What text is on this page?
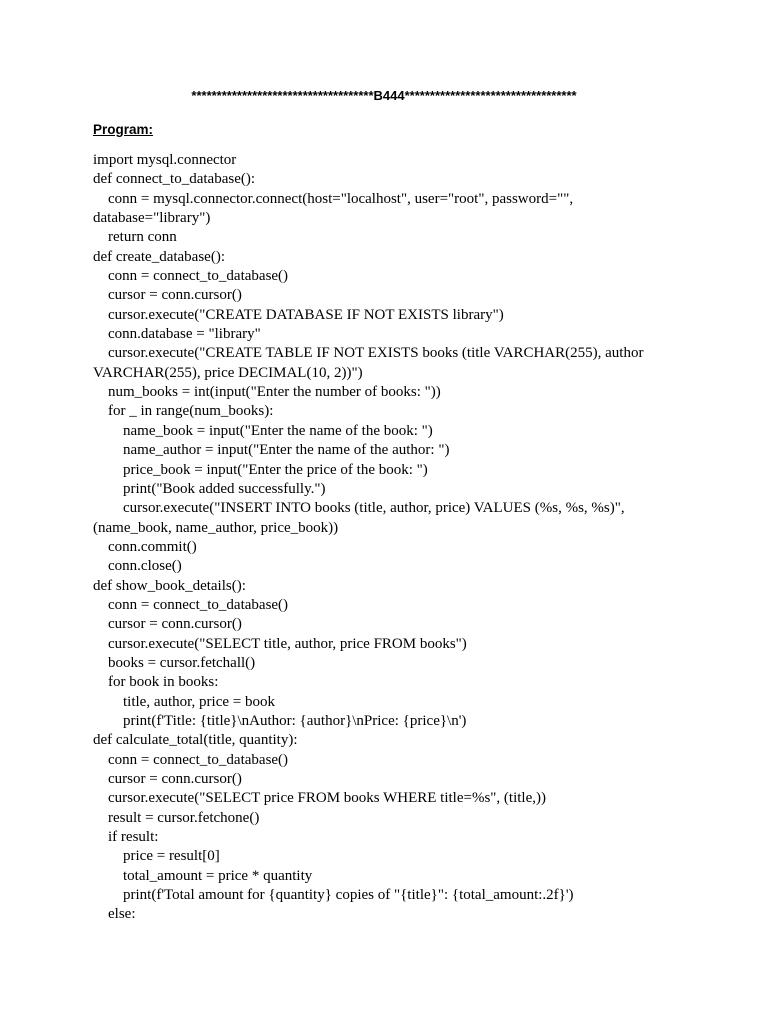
************************************B444**********************************
Program:
import mysql.connector
def connect_to_database():
conn = mysql.connector.connect(host="localhost", user="root", password="",
database="library")
return conn
def create_database():
conn = connect_to_database()
cursor = conn.cursor()
cursor.execute("CREATE DATABASE IF NOT EXISTS library")
conn.database = "library"
cursor.execute("CREATE TABLE IF NOT EXISTS books (title VARCHAR(255), author
VARCHAR(255), price DECIMAL(10, 2))")
num_books = int(input("Enter the number of books: "))
for _ in range(num_books):
name_book = input("Enter the name of the book: ")
name_author = input("Enter the name of the author: ")
price_book = input("Enter the price of the book: ")
print("Book added successfully.")
cursor.execute("INSERT INTO books (title, author, price) VALUES (%s, %s, %s)",
(name_book, name_author, price_book))
conn.commit()
conn.close()
def show_book_details():
conn = connect_to_database()
cursor = conn.cursor()
cursor.execute("SELECT title, author, price FROM books")
books = cursor.fetchall()
for book in books:
title, author, price = book
print(f'Title: {title}\nAuthor: {author}\nPrice: {price}\n')
def calculate_total(title, quantity):
conn = connect_to_database()
cursor = conn.cursor()
cursor.execute("SELECT price FROM books WHERE title=%s", (title,))
result = cursor.fetchone()
if result:
price = result[0]
total_amount = price * quantity
print(f'Total amount for {quantity} copies of "{title}": {total_amount:.2f}')
else:
